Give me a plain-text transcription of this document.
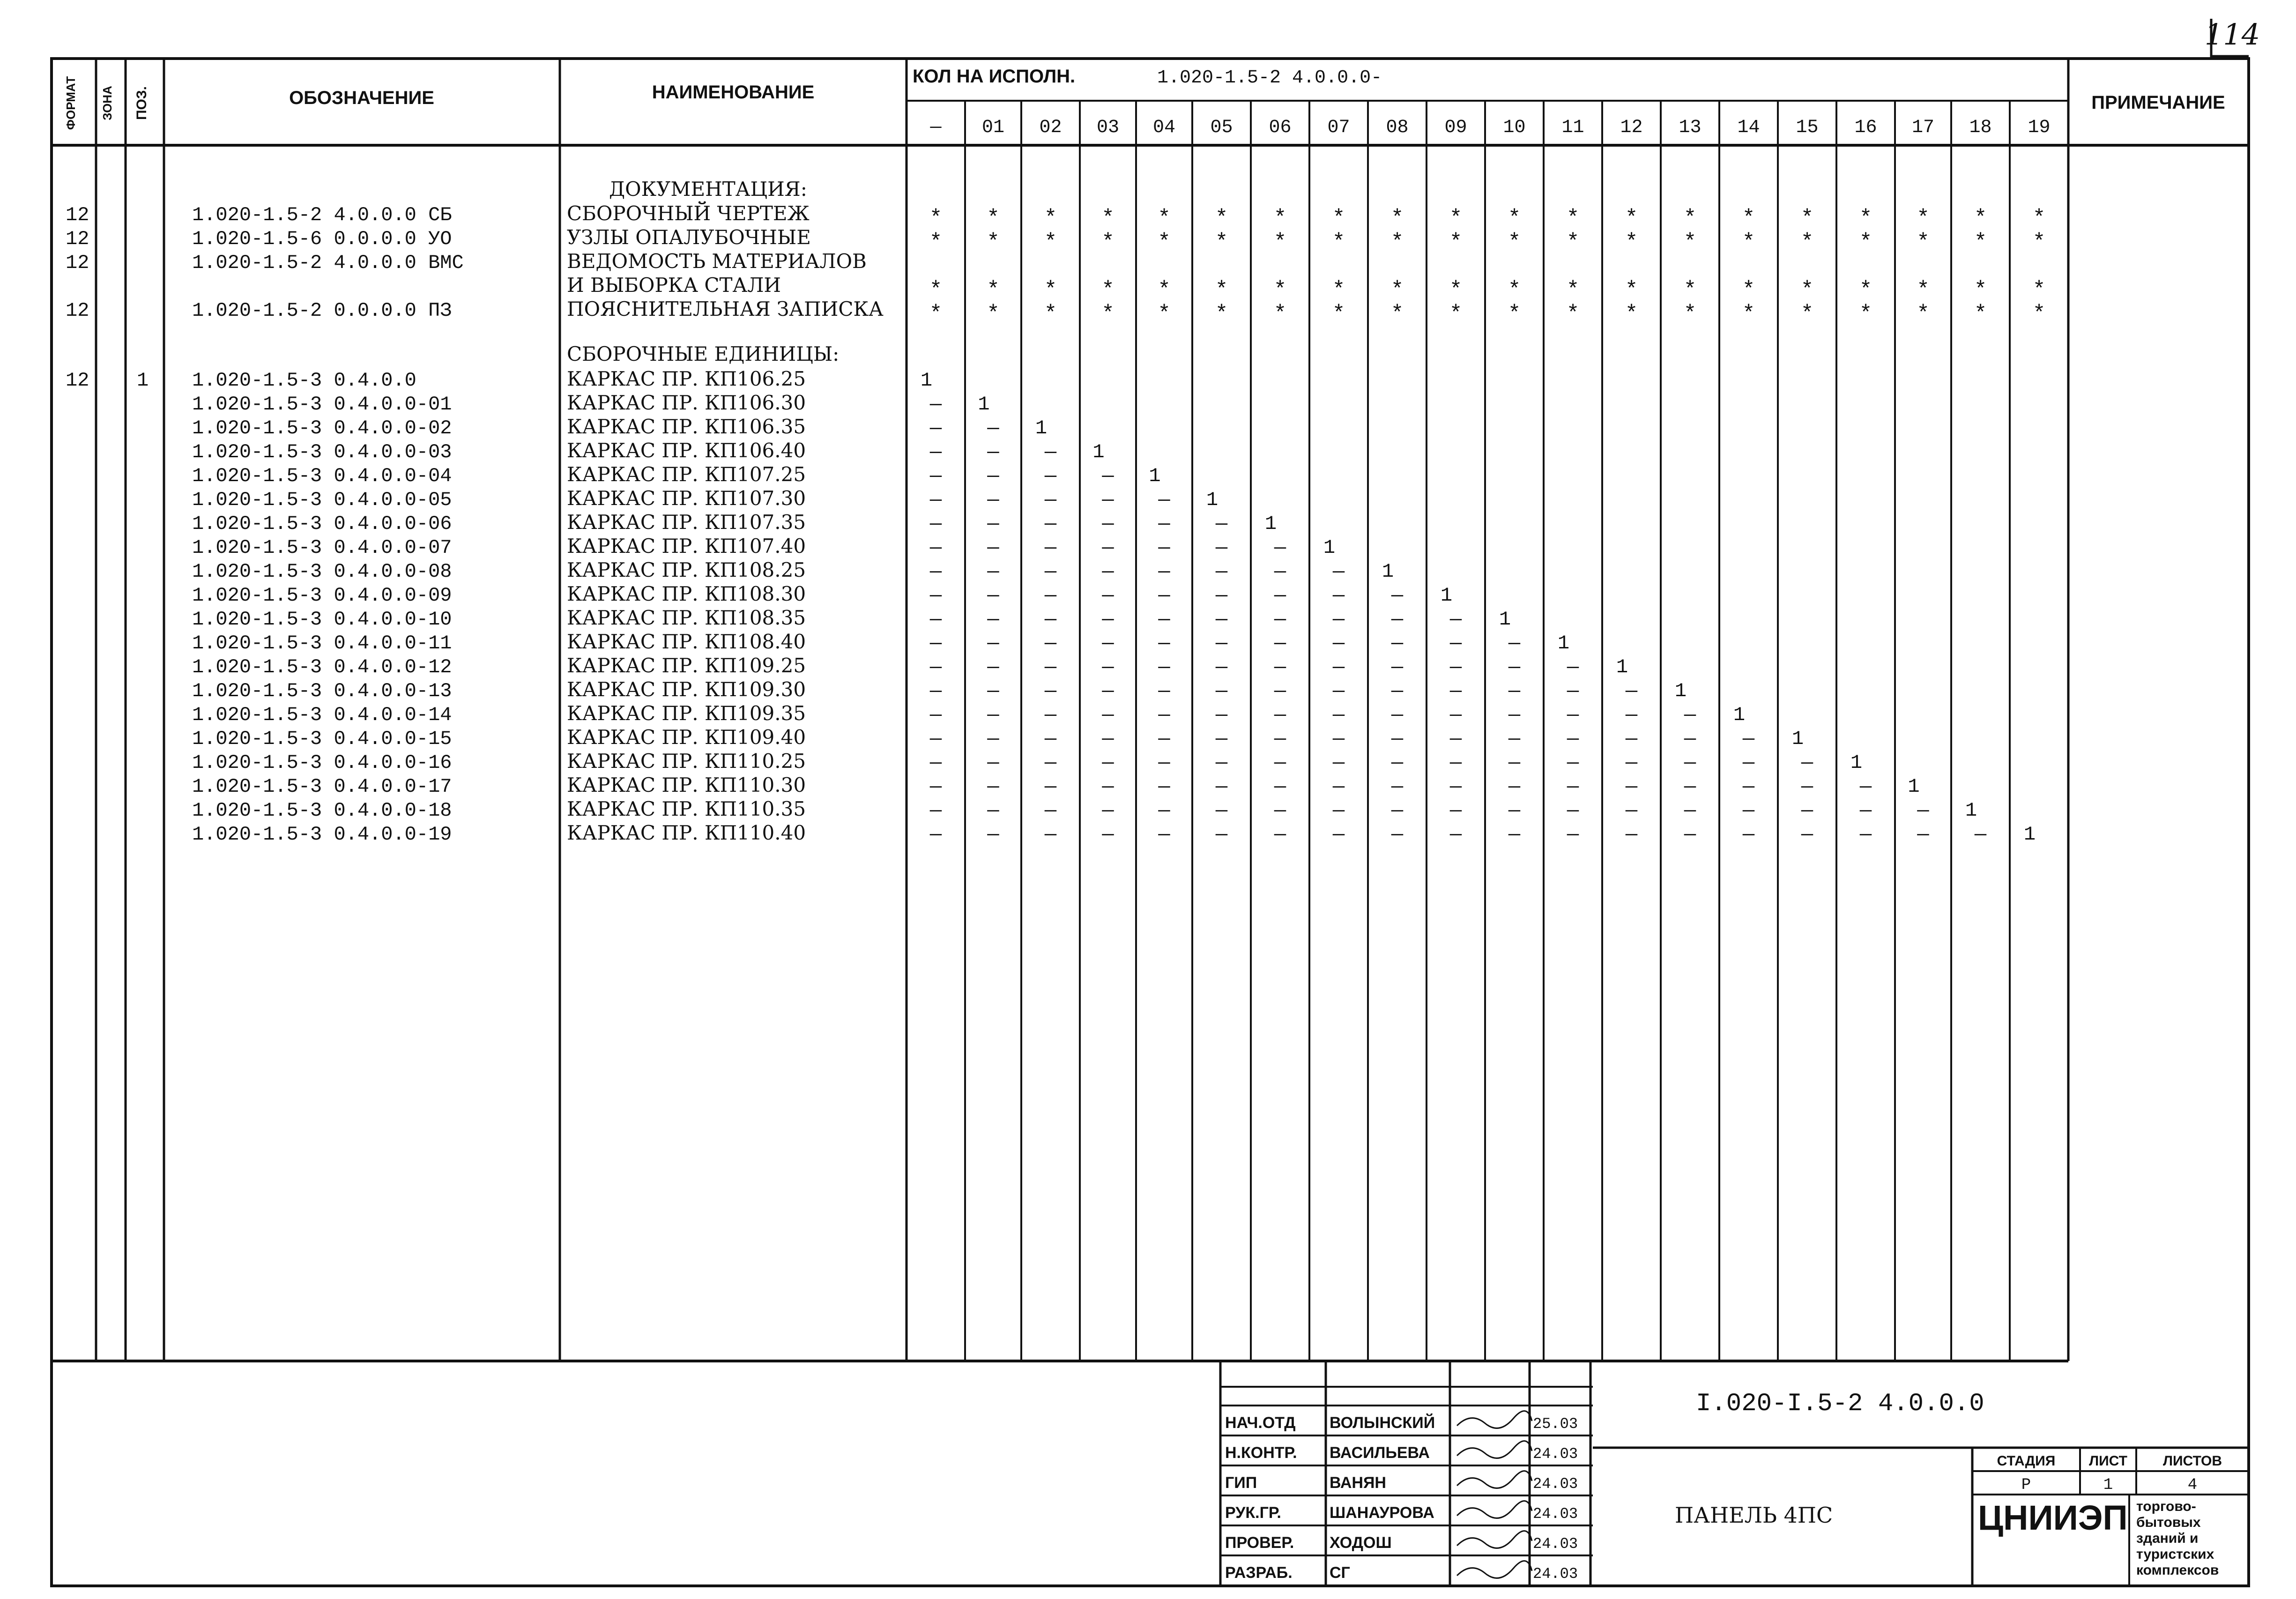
114
ФОРМАТ ЗОНА ПОЗ.	ОБОЗНАЧЕНИЕ	НАИМЕНОВАНИЕ
КОЛ НА ИСПОЛН.	1.020-1.5-2 4.0.0.0-
ПРИМЕЧАНИЕ
— 01 02 03 04 05 06 07 08 09 10 11 12 13 14 15 16 17 18 19
ДОКУМЕНТАЦИЯ:
12	1.020-1.5-2 4.0.0.0 СБ	СБОРОЧНЫЙ ЧЕРТЕЖ	* * * * * * * * * * * * * * * * * * * *
12	1.020-1.5-6 0.0.0.0 УО	УЗЛЫ ОПАЛУБОЧНЫЕ	* * * * * * * * * * * * * * * * * * * *
12	1.020-1.5-2 4.0.0.0 ВМС	ВЕДОМОСТЬ МАТЕРИАЛОВ
И ВЫБОРКА СТАЛИ	* * * * * * * * * * * * * * * * * * * *
12	1.020-1.5-2 0.0.0.0 ПЗ	ПОЯСНИТЕЛЬНАЯ ЗАПИСКА * * * * * * * * * * * * * * * * * * * *
СБОРОЧНЫЕ ЕДИНИЦЫ:
12 1 1.020-1.5-3 0.4.0.0	КАРКАС ПР. КП106.25	1
1.020-1.5-3 0.4.0.0-01	КАРКАС ПР. КП106.30	— 1
1.020-1.5-3 0.4.0.0-02	КАРКАС ПР. КП106.35	— — 1
1.020-1.5-3 0.4.0.0-03	КАРКАС ПР. КП106.40	— — — 1
1.020-1.5-3 0.4.0.0-04	КАРКАС ПР. КП107.25	— — — — 1
1.020-1.5-3 0.4.0.0-05	КАРКАС ПР. КП107.30	— — — — — 1
1.020-1.5-3 0.4.0.0-06	КАРКАС ПР. КП107.35	— — — — — — 1
1.020-1.5-3 0.4.0.0-07	КАРКАС ПР. КП107.40	— — — — — — — 1
1.020-1.5-3 0.4.0.0-08	КАРКАС ПР. КП108.25	— — — — — — — — 1
1.020-1.5-3 0.4.0.0-09	КАРКАС ПР. КП108.30	— — — — — — — — — 1
1.020-1.5-3 0.4.0.0-10	КАРКАС ПР. КП108.35	— — — — — — — — — — 1
1.020-1.5-3 0.4.0.0-11	КАРКАС ПР. КП108.40	— — — — — — — — — — — 1
1.020-1.5-3 0.4.0.0-12	КАРКАС ПР. КП109.25	— — — — — — — — — — — — 1
1.020-1.5-3 0.4.0.0-13	КАРКАС ПР. КП109.30	— — — — — — — — — — — — — 1
1.020-1.5-3 0.4.0.0-14	КАРКАС ПР. КП109.35	— — — — — — — — — — — — — — 1
1.020-1.5-3 0.4.0.0-15	КАРКАС ПР. КП109.40	— — — — — — — — — — — — — — — 1
1.020-1.5-3 0.4.0.0-16	КАРКАС ПР. КП110.25	— — — — — — — — — — — — — — — — 1
1.020-1.5-3 0.4.0.0-17	КАРКАС ПР. КП110.30	— — — — — — — — — — — — — — — — — 1
1.020-1.5-3 0.4.0.0-18	КАРКАС ПР. КП110.35	— — — — — — — — — — — — — — — — — — 1
1.020-1.5-3 0.4.0.0-19	КАРКАС ПР. КП110.40	— — — — — — — — — — — — — — — — — — — 1
НАЧ.ОТД ВОЛЫНСКИЙ	25.03
Н.КОНТР. ВАСИЛЬЕВА	24.03
ГИП	ВАНЯН	24.03
РУК.ГР.	ШАНАУРОВА	24.03
ПРОВЕР. ХОДОШ	24.03
РАЗРАБ. СГ	24.03
I.020-I.5-2 4.0.0.0
ПАНЕЛЬ 4ПС
СТАДИЯ ЛИСТ	ЛИСТОВ
Р	1	4
ЦНИИЭП торгово-
бытовых
зданий и
туристских
комплексов
